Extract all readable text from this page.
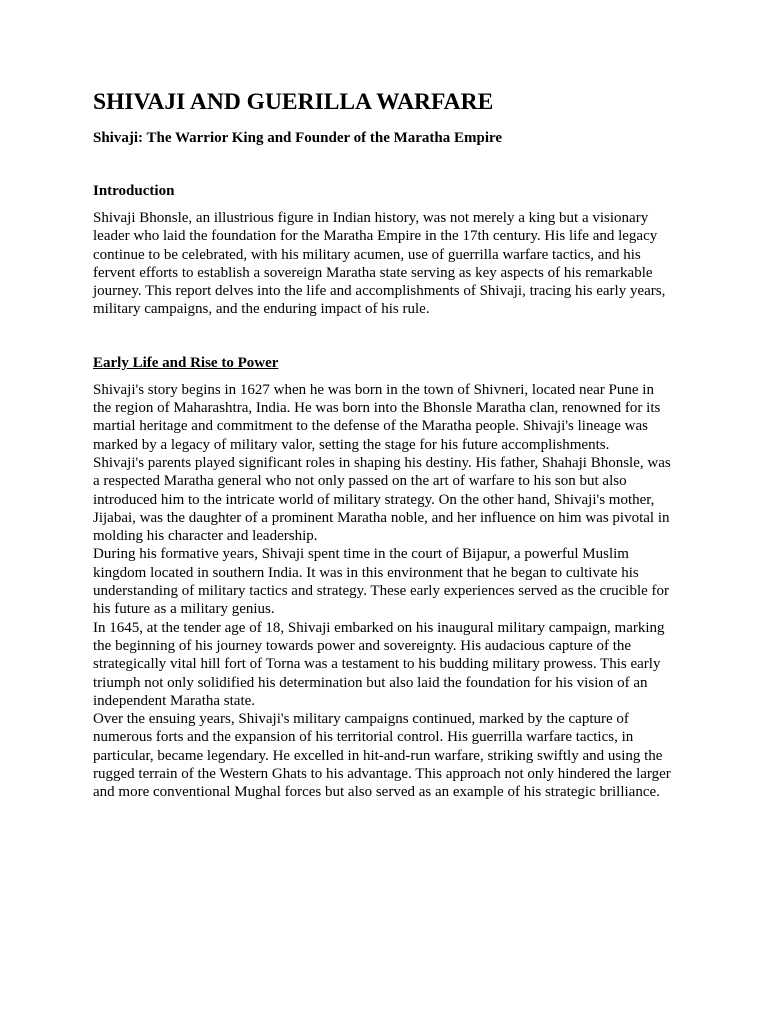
SHIVAJI AND GUERILLA WARFARE
Shivaji: The Warrior King and Founder of the Maratha Empire
Introduction

Shivaji Bhonsle, an illustrious figure in Indian history, was not merely a king but a visionary leader who laid the foundation for the Maratha Empire in the 17th century. His life and legacy continue to be celebrated, with his military acumen, use of guerrilla warfare tactics, and his fervent efforts to establish a sovereign Maratha state serving as key aspects of his remarkable journey. This report delves into the life and accomplishments of Shivaji, tracing his early years, military campaigns, and the enduring impact of his rule.

Early Life and Rise to Power

Shivaji's story begins in 1627 when he was born in the town of Shivneri, located near Pune in the region of Maharashtra, India. He was born into the Bhonsle Maratha clan, renowned for its martial heritage and commitment to the defense of the Maratha people. Shivaji's lineage was marked by a legacy of military valor, setting the stage for his future accomplishments.

Shivaji's parents played significant roles in shaping his destiny. His father, Shahaji Bhonsle, was a respected Maratha general who not only passed on the art of warfare to his son but also introduced him to the intricate world of military strategy. On the other hand, Shivaji's mother, Jijabai, was the daughter of a prominent Maratha noble, and her influence on him was pivotal in molding his character and leadership.

During his formative years, Shivaji spent time in the court of Bijapur, a powerful Muslim kingdom located in southern India. It was in this environment that he began to cultivate his understanding of military tactics and strategy. These early experiences served as the crucible for his future as a military genius.

In 1645, at the tender age of 18, Shivaji embarked on his inaugural military campaign, marking the beginning of his journey towards power and sovereignty. His audacious capture of the strategically vital hill fort of Torna was a testament to his budding military prowess. This early triumph not only solidified his determination but also laid the foundation for his vision of an independent Maratha state.

Over the ensuing years, Shivaji's military campaigns continued, marked by the capture of numerous forts and the expansion of his territorial control. His guerrilla warfare tactics, in particular, became legendary. He excelled in hit-and-run warfare, striking swiftly and using the rugged terrain of the Western Ghats to his advantage. This approach not only hindered the larger and more conventional Mughal forces but also served as an example of his strategic brilliance.
